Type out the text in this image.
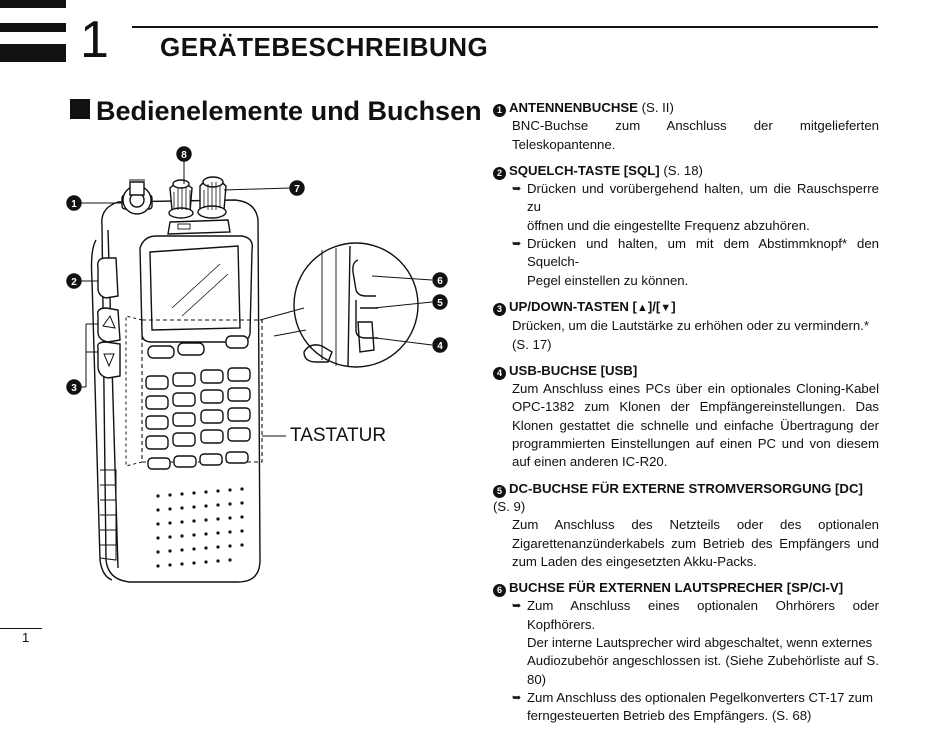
1 GERÄTEBESCHREIBUNG
Bedienelemente und Buchsen
1
2
3
4
5
6
7
8
TASTATUR
1 ANTENNENBUCHSE (S. II)
BNC-Buchse zum Anschluss der mitgelieferten Teleskopantenne.
2 SQUELCH-TASTE [SQL] (S. 18)
➥ Drücken und vorübergehend halten, um die Rauschsperre zu
öffnen und die eingestellte Frequenz abzuhören.
➥ Drücken und halten, um mit dem Abstimmknopf* den Squelch-
Pegel einstellen zu können.
3 UP/DOWN-TASTEN [▲]/[▼]
Drücken, um die Lautstärke zu erhöhen oder zu vermindern.*
(S. 17)
4 USB-BUCHSE [USB]
Zum Anschluss eines PCs über ein optionales Cloning-Kabel OPC-1382 zum Klonen der Empfängereinstellungen. Das Klonen gestattet die schnelle und einfache Übertragung der programmierten Einstellungen auf einen PC und von diesem auf einen anderen IC-R20.
5 DC-BUCHSE FÜR EXTERNE STROMVERSORGUNG [DC] (S. 9)
Zum Anschluss des Netzteils oder des optionalen Zigarettenanzünderkabels zum Betrieb des Empfängers und zum Laden des eingesetzten Akku-Packs.
6 BUCHSE FÜR EXTERNEN LAUTSPRECHER [SP/CI-V]
➥ Zum Anschluss eines optionalen Ohrhörers oder Kopfhörers.
Der interne Lautsprecher wird abgeschaltet, wenn externes
Audiozubehör angeschlossen ist. (Siehe Zubehörliste auf S. 80)
➥ Zum Anschluss des optionalen Pegelkonverters CT-17 zum
ferngesteuerten Betrieb des Empfängers. (S. 68)
1
